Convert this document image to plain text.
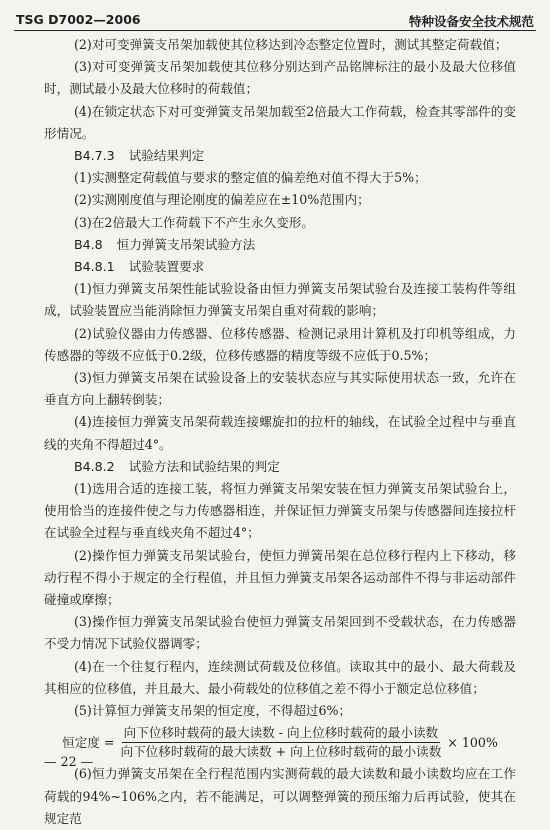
TSG D7002—2006	特种设备安全技术规范

(2)对可变弹簧支吊架加载使其位移达到冷态整定位置时，测试其整定荷载值；

(3)对可变弹簧支吊架加载使其位移分别达到产品铭牌标注的最小及最大位移值时，测试最小及最大位移时的荷载值；

(4)在锁定状态下对可变弹簧支吊架加载至2倍最大工作荷载，检查其零部件的变形情况。

B4.7.3 试验结果判定

(1)实测整定荷载值与要求的整定值的偏差绝对值不得大于5%；

(2)实测刚度值与理论刚度的偏差应在±10%范围内；

(3)在2倍最大工作荷载下不产生永久变形。

B4.8 恒力弹簧支吊架试验方法

B4.8.1 试验装置要求

(1)恒力弹簧支吊架性能试验设备由恒力弹簧支吊架试验台及连接工装构件等组成，试验装置应当能消除恒力弹簧支吊架自重对荷载的影响；

(2)试验仪器由力传感器、位移传感器、检测记录用计算机及打印机等组成，力传感器的等级不应低于0.2级，位移传感器的精度等级不应低于0.5%；

(3)恒力弹簧支吊架在试验设备上的安装状态应与其实际使用状态一致，允许在垂直方向上翻转倒装；

(4)连接恒力弹簧支吊架荷载连接螺旋扣的拉杆的轴线，在试验全过程中与垂直线的夹角不得超过4°。

B4.8.2 试验方法和试验结果的判定

(1)选用合适的连接工装，将恒力弹簧支吊架安装在恒力弹簧支吊架试验台上，使用恰当的连接件使之与力传感器相连，并保证恒力弹簧支吊架与传感器间连接拉杆在试验全过程与垂直线夹角不超过4°；

(2)操作恒力弹簧支吊架试验台，使恒力弹簧吊架在总位移行程内上下移动，移动行程不得小于规定的全行程值，并且恒力弹簧支吊架各运动部件不得与非运动部件碰撞或摩擦；

(3)操作恒力弹簧支吊架试验台使恒力弹簧支吊架回到不受载状态，在力传感器不受力情况下试验仪器调零；

(4)在一个往复行程内，连续测试荷载及位移值。读取其中的最小、最大荷载及其相应的位移值，并且最大、最小荷载处的位移值之差不得小于额定总位移值；

(5)计算恒力弹簧支吊架的恒定度，不得超过6%；

恒定度 = $\frac{\text{向下位移时载荷的最大读数 - 向上位移时载荷的最小读数}}{\text{向下位移时载荷的最大读数 + 向上位移时载荷的最小读数}} \times 100\%$

(6)恒力弹簧支吊架在全行程范围内实测荷载的最大读数和最小读数均应在工作荷载的94%~106%之内，若不能满足，可以调整弹簧的预压缩力后再试验，使其在规定范

— 22 —
